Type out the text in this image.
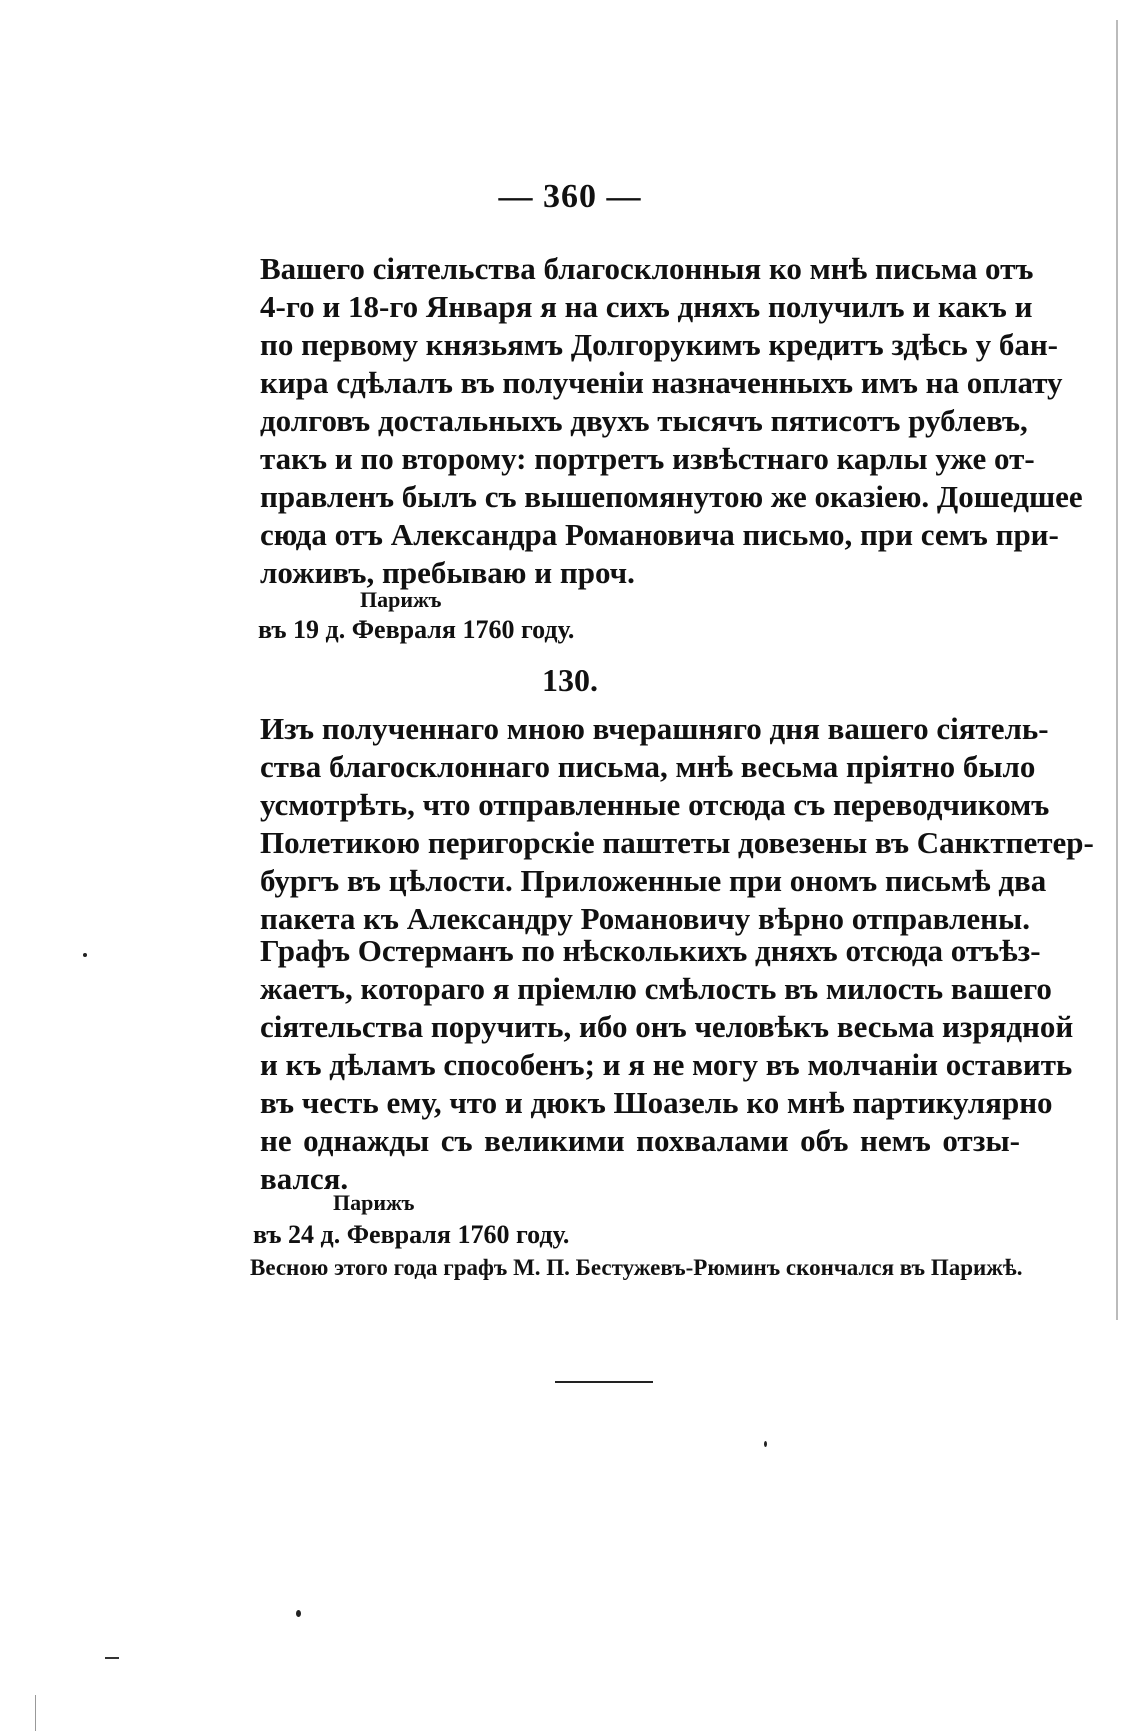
— 360 —
Вашего сіятельства благосклонныя ко мнѣ письма отъ
4-го и 18-го Января я на сихъ дняхъ получилъ и какъ и
по первому князьямъ Долгорукимъ кредитъ здѣсь у бан-
кира сдѣлалъ въ полученіи назначенныхъ имъ на оплату
долговъ достальныхъ двухъ тысячъ пятисотъ рублевъ,
такъ и по второму: портретъ извѣстнаго карлы уже от-
правленъ былъ съ вышепомянутою же оказіею. Дошедшее
сюда отъ Александра Романовича письмо, при семъ при-
ложивъ, пребываю и проч.
Парижъ
въ 19 д. Февраля 1760 году.
130.
Изъ полученнаго мною вчерашняго дня вашего сіятель-
ства благосклоннаго письма, мнѣ весьма пріятно было
усмотрѣть, что отправленные отсюда съ переводчикомъ
Полетикою перигорскіе паштеты довезены въ Санктпетер-
бургъ въ цѣлости. Приложенные при ономъ письмѣ два
пакета къ Александру Романовичу вѣрно отправлены.
Графъ Остерманъ по нѣсколькихъ дняхъ отсюда отъѣз-
жаетъ, котораго я пріемлю смѣлость въ милость вашего
сіятельства поручить, ибо онъ человѣкъ весьма изрядной
и къ дѣламъ способенъ; и я не могу въ молчаніи оставить
въ честь ему, что и дюкъ Шоазель ко мнѣ партикулярно
не однажды съ великими похвалами объ немъ отзы-
вался.
Парижъ
въ 24 д. Февраля 1760 году.
Весною этого года графъ М. П. Бестужевъ-Рюминъ скончался въ Парижѣ.
